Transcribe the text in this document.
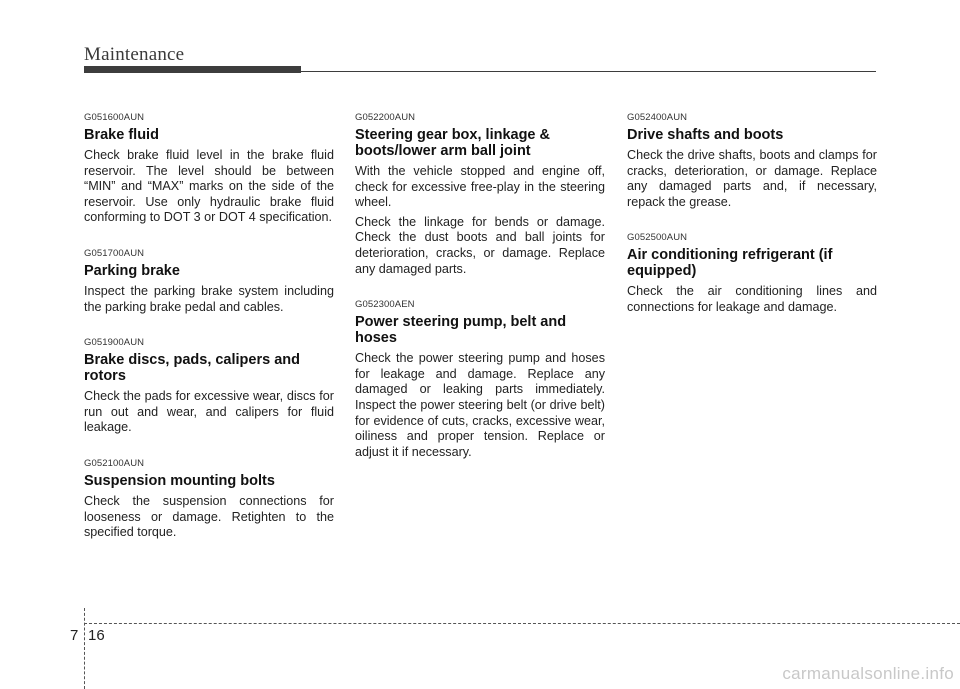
Maintenance
G051600AUN
Brake fluid

Check brake fluid level in the brake fluid reservoir. The level should be between “MIN” and “MAX” marks on the side of the reservoir. Use only hydraulic brake fluid conforming to DOT 3 or DOT 4 specification.

G051700AUN
Parking brake

Inspect the parking brake system including the parking brake pedal and cables.

G051900AUN
Brake discs, pads, calipers and rotors

Check the pads for excessive wear, discs for run out and wear, and calipers for fluid leakage.

G052100AUN
Suspension mounting bolts

Check the suspension connections for looseness or damage. Retighten to the specified torque.

G052200AUN
Steering gear box, linkage & boots/lower arm ball joint

With the vehicle stopped and engine off, check for excessive free-play in the steering wheel.

Check the linkage for bends or damage. Check the dust boots and ball joints for deterioration, cracks, or damage. Replace any damaged parts.

G052300AEN
Power steering pump, belt and hoses

Check the power steering pump and hoses for leakage and damage. Replace any damaged or leaking parts immediately. Inspect the power steering belt (or drive belt) for evidence of cuts, cracks, excessive wear, oiliness and proper tension. Replace or adjust it if necessary.

G052400AUN
Drive shafts and boots

Check the drive shafts, boots and clamps for cracks, deterioration, or damage. Replace any damaged parts and, if necessary, repack the grease.

G052500AUN
Air conditioning refrigerant (if equipped)

Check the air conditioning lines and connections for leakage and damage.

7 16
carmanualsonline.info
